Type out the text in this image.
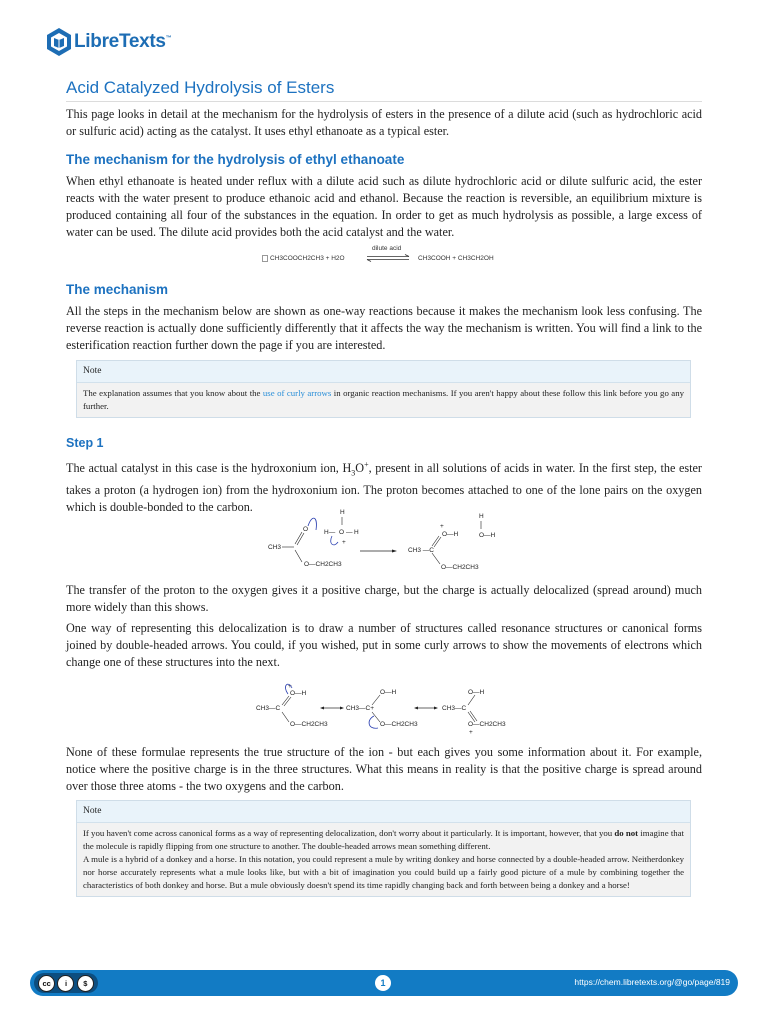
LibreTexts™
Acid Catalyzed Hydrolysis of Esters

This page looks in detail at the mechanism for the hydrolysis of esters in the presence of a dilute acid (such as hydrochloric acid or sulfuric acid) acting as the catalyst. It uses ethyl ethanoate as a typical ester.

The mechanism for the hydrolysis of ethyl ethanoate

When ethyl ethanoate is heated under reflux with a dilute acid such as dilute hydrochloric acid or dilute sulfuric acid, the ester reacts with the water present to produce ethanoic acid and ethanol. Because the reaction is reversible, an equilibrium mixture is produced containing all four of the substances in the equation. In order to get as much hydrolysis as possible, a large excess of water can be used. The dilute acid provides both the acid catalyst and the water.

CH3COOCH2CH3 + H2O
dilute acid
CH3COOH + CH3CH2OH
The mechanism

All the steps in the mechanism below are shown as one-way reactions because it makes the mechanism look less confusing. The reverse reaction is actually done sufficiently differently that it affects the way the mechanism is written. You will find a link to the esterification reaction further down the page if you are interested.

Note
The explanation assumes that you know about the use of curly arrows in organic reaction mechanisms. If you aren't happy about these follow this link before you go any further.
Step 1

The actual catalyst in this case is the hydroxonium ion, $H_3O^+$, present in all solutions of acids in water. In the first step, the ester takes a proton (a hydrogen ion) from the hydroxonium ion. The proton becomes attached to one of the lone pairs on the oxygen which is double-bonded to the carbon.

CH3
O
O—CH2CH3
H
H— O — H
+
CH3 —C
+
O—H
O—CH2CH3
H
O—H

The transfer of the proton to the oxygen gives it a positive charge, but the charge is actually delocalized (spread around) much more widely than this shows.

One way of representing this delocalization is to draw a number of structures called resonance structures or canonical forms joined by double-headed arrows. You could, if you wished, put in some curly arrows to show the movements of electrons which change one of these structures into the next.

CH3—C
+
O—H
O—CH2CH3
CH3—C+
O—H
O—CH2CH3
CH3—C
O—H
O—CH2CH3
+

None of these formulae represents the true structure of the ion - but each gives you some information about it. For example, notice where the positive charge is in the three structures. What this means in reality is that the positive charge is spread around over those three atoms - the two oxygens and the carbon.

Note
If you haven't come across canonical forms as a way of representing delocalization, don't worry about it particularly. It is important, however, that you do not imagine that the molecule is rapidly flipping from one structure to another. The double-headed arrows mean something different.
A mule is a hybrid of a donkey and a horse. In this notation, you could represent a mule by writing donkey and horse connected by a double-headed arrow. Neitherdonkey nor horse accurately represents what a mule looks like, but with a bit of imagination you could build up a fairly good picture of a mule by combining together the characteristics of both donkey and horse. But a mule obviously doesn't spend its time rapidly changing back and forth between being a donkey and a horse!
cc	i	$	1	https://chem.libretexts.org/@go/page/819
